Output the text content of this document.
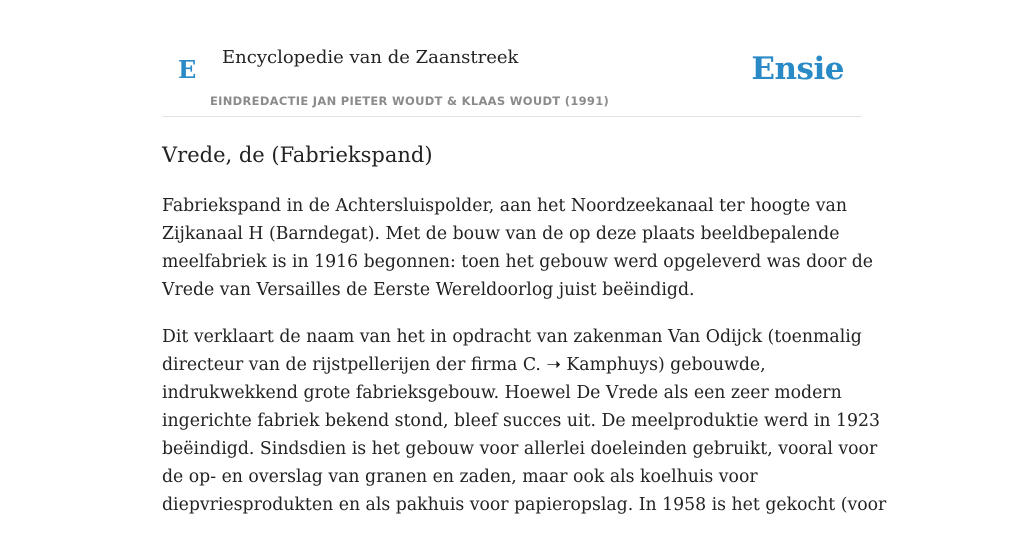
E Encyclopedie van de Zaanstreek
EINDREDACTIE JAN PIETER WOUDT & KLAAS WOUDT (1991)
Ensie
Vrede, de (Fabriekspand)

Fabriekspand in de Achtersluispolder, aan het Noordzeekanaal ter hoogte van
Zijkanaal H (Barndegat). Met de bouw van de op deze plaats beeldbepalende
meelfabriek is in 1916 begonnen: toen het gebouw werd opgeleverd was door de
Vrede van Versailles de Eerste Wereldoorlog juist beëindigd.

Dit verklaart de naam van het in opdracht van zakenman Van Odijck (toenmalig
directeur van de rijstpellerijen der firma C. ➝ Kamphuys) gebouwde,
indrukwekkend grote fabrieksgebouw. Hoewel De Vrede als een zeer modern
ingerichte fabriek bekend stond, bleef succes uit. De meelproduktie werd in 1923
beëindigd. Sindsdien is het gebouw voor allerlei doeleinden gebruikt, vooral voor
de op- en overslag van granen en zaden, maar ook als koelhuis voor
diepvriesprodukten en als pakhuis voor papieropslag. In 1958 is het gekocht (voor
